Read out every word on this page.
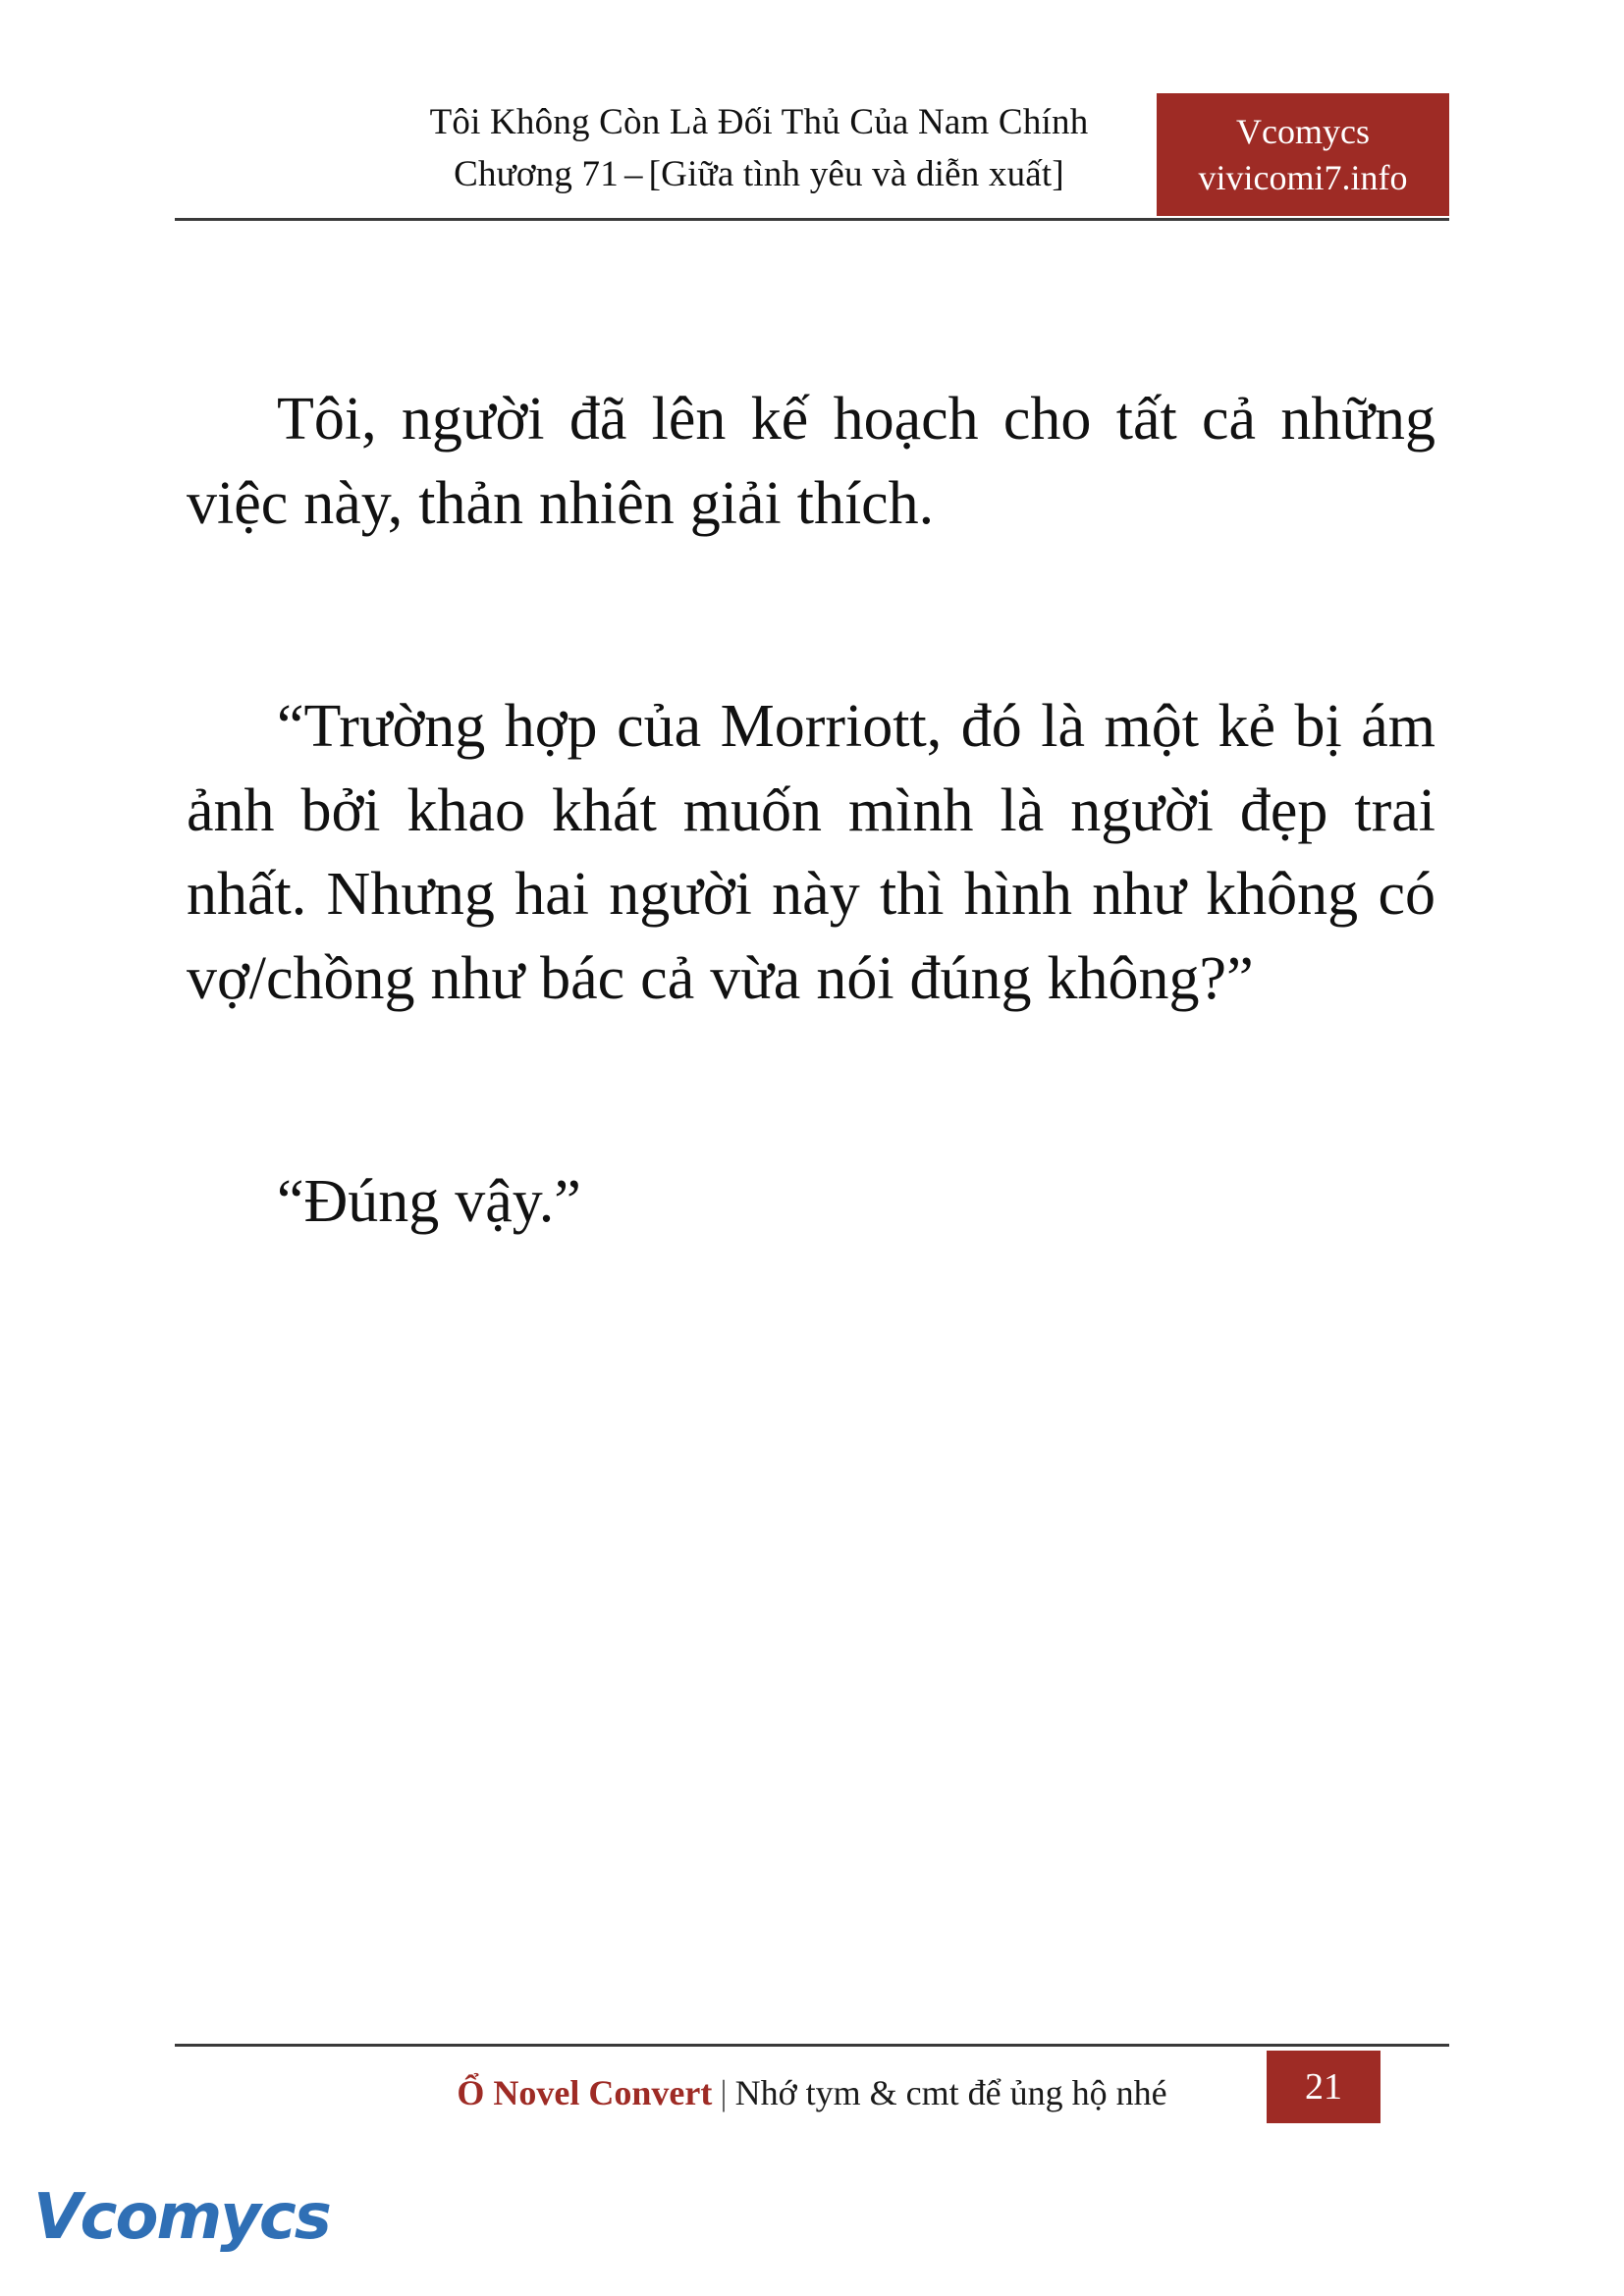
Tôi Không Còn Là Đối Thủ Của Nam Chính
Chương 71 – [Giữa tình yêu và diễn xuất]
Vcomycs
vivicomi7.info

Tôi, người đã lên kế hoạch cho tất cả những việc này, thản nhiên giải thích.

“Trường hợp của Morriott, đó là một kẻ bị ám ảnh bởi khao khát muốn mình là người đẹp trai nhất. Nhưng hai người này thì hình như không có vợ/chồng như bác cả vừa nói đúng không?”

“Đúng vậy.”

Ổ Novel Convert | Nhớ tym & cmt để ủng hộ nhé	21
Vcomycs
